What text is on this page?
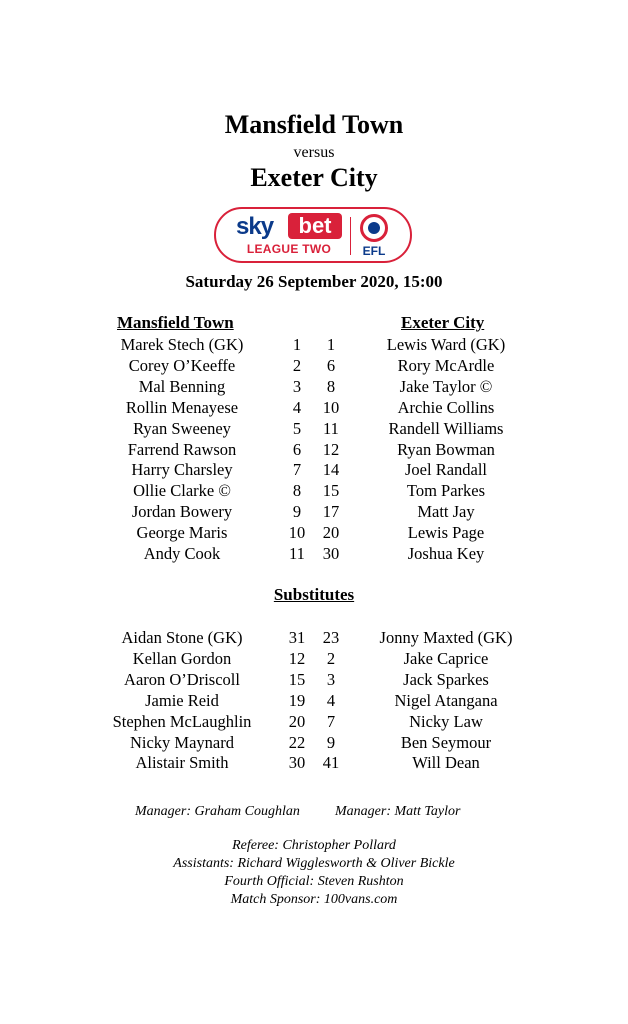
Mansfield Town
versus
Exeter City
sky	bet
LEAGUE TWO	EFL
Saturday 26 September 2020, 15:00
Mansfield Town	Exeter City
Marek Stech (GK)	1	1	Lewis Ward (GK)
Corey O’Keeffe	2	6	Rory McArdle
Mal Benning	3	8	Jake Taylor ©
Rollin Menayese	4	10	Archie Collins
Ryan Sweeney	5	11	Randell Williams
Farrend Rawson	6	12	Ryan Bowman
Harry Charsley	7	14	Joel Randall
Ollie Clarke ©	8	15	Tom Parkes
Jordan Bowery	9	17	Matt Jay
George Maris	10	20	Lewis Page
Andy Cook	11	30	Joshua Key
Substitutes
Aidan Stone (GK)	31	23	Jonny Maxted (GK)
Kellan Gordon	12	2	Jake Caprice
Aaron O’Driscoll	15	3	Jack Sparkes
Jamie Reid	19	4	Nigel Atangana
Stephen McLaughlin	20	7	Nicky Law
Nicky Maynard	22	9	Ben Seymour
Alistair Smith	30	41	Will Dean
Manager: Graham Coughlan	Manager: Matt Taylor
Referee: Christopher Pollard
Assistants: Richard Wigglesworth & Oliver Bickle
Fourth Official: Steven Rushton
Match Sponsor: 100vans.com
